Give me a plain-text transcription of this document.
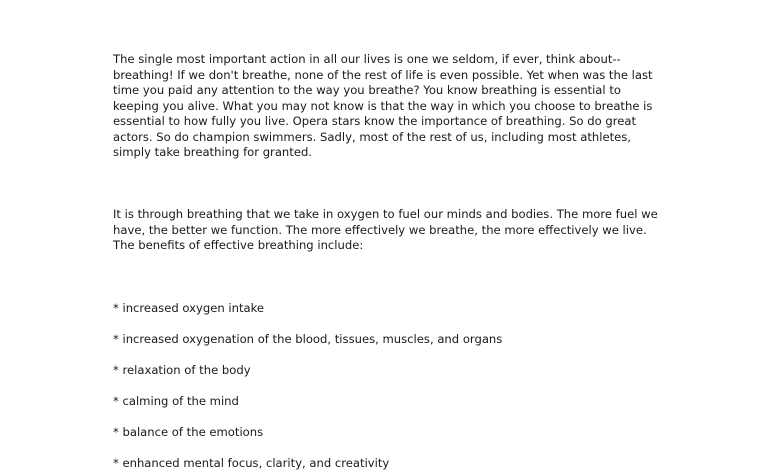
The single most important action in all our lives is one we seldom, if ever, think about--
breathing! If we don't breathe, none of the rest of life is even possible. Yet when was the last
time you paid any attention to the way you breathe? You know breathing is essential to
keeping you alive. What you may not know is that the way in which you choose to breathe is
essential to how fully you live. Opera stars know the importance of breathing. So do great
actors. So do champion swimmers. Sadly, most of the rest of us, including most athletes,
simply take breathing for granted.

It is through breathing that we take in oxygen to fuel our minds and bodies. The more fuel we
have, the better we function. The more effectively we breathe, the more effectively we live.
The benefits of effective breathing include:

* increased oxygen intake

* increased oxygenation of the blood, tissues, muscles, and organs

* relaxation of the body

* calming of the mind

* balance of the emotions

* enhanced mental focus, clarity, and creativity
